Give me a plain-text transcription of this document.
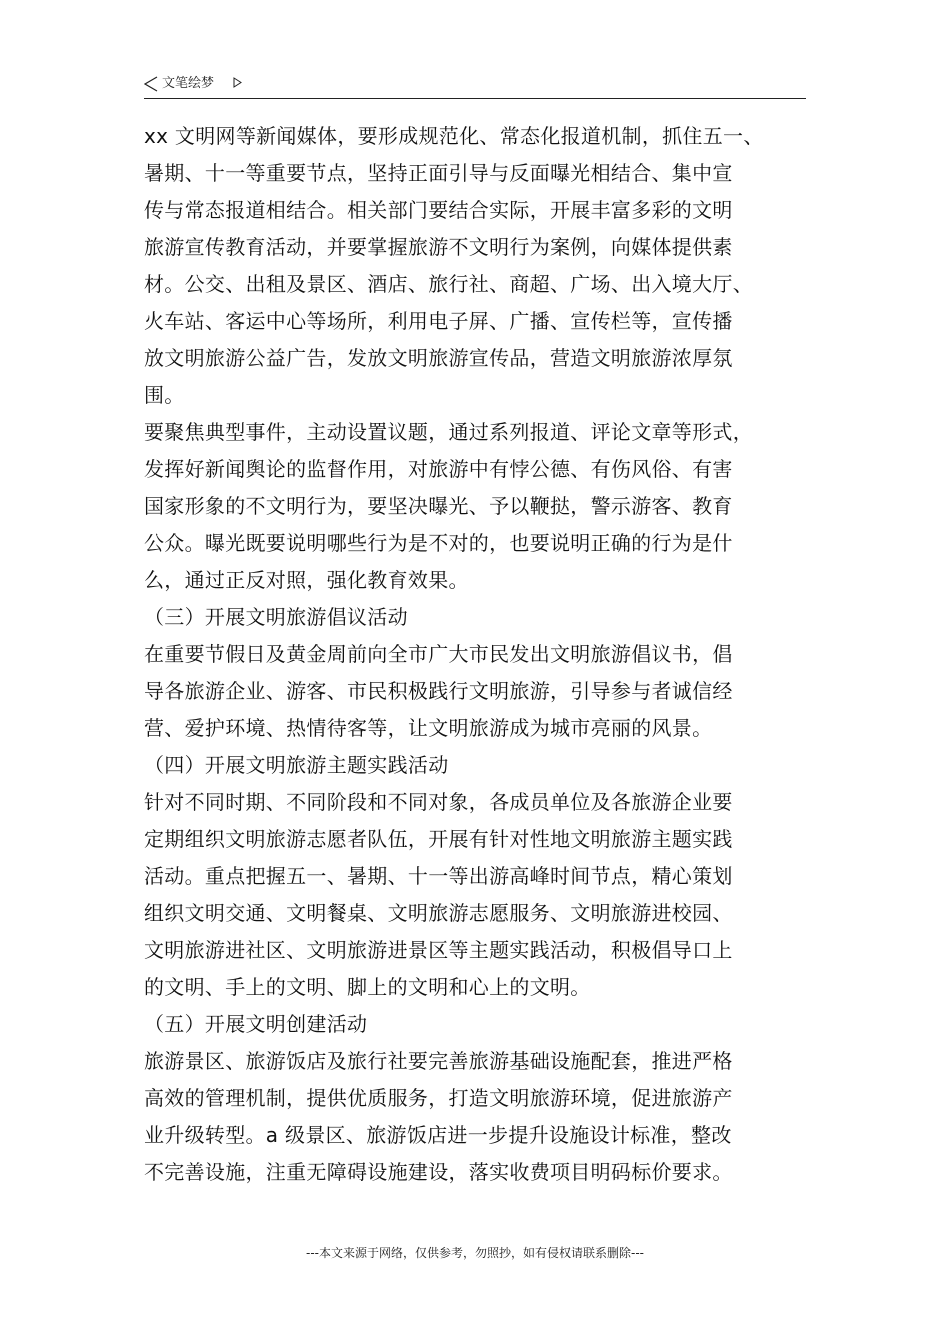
文笔绘梦
xx 文明网等新闻媒体，要形成规范化、常态化报道机制，抓住五一、
暑期、十一等重要节点，坚持正面引导与反面曝光相结合、集中宣
传与常态报道相结合。相关部门要结合实际，开展丰富多彩的文明
旅游宣传教育活动，并要掌握旅游不文明行为案例，向媒体提供素
材。公交、出租及景区、酒店、旅行社、商超、广场、出入境大厅、
火车站、客运中心等场所，利用电子屏、广播、宣传栏等，宣传播
放文明旅游公益广告，发放文明旅游宣传品，营造文明旅游浓厚氛
围。
要聚焦典型事件，主动设置议题，通过系列报道、评论文章等形式，
发挥好新闻舆论的监督作用，对旅游中有悖公德、有伤风俗、有害
国家形象的不文明行为，要坚决曝光、予以鞭挞，警示游客、教育
公众。曝光既要说明哪些行为是不对的，也要说明正确的行为是什
么，通过正反对照，强化教育效果。
（三）开展文明旅游倡议活动
在重要节假日及黄金周前向全市广大市民发出文明旅游倡议书，倡
导各旅游企业、游客、市民积极践行文明旅游，引导参与者诚信经
营、爱护环境、热情待客等，让文明旅游成为城市亮丽的风景。
（四）开展文明旅游主题实践活动
针对不同时期、不同阶段和不同对象，各成员单位及各旅游企业要
定期组织文明旅游志愿者队伍，开展有针对性地文明旅游主题实践
活动。重点把握五一、暑期、十一等出游高峰时间节点，精心策划
组织文明交通、文明餐桌、文明旅游志愿服务、文明旅游进校园、
文明旅游进社区、文明旅游进景区等主题实践活动，积极倡导口上
的文明、手上的文明、脚上的文明和心上的文明。
（五）开展文明创建活动
旅游景区、旅游饭店及旅行社要完善旅游基础设施配套，推进严格
高效的管理机制，提供优质服务，打造文明旅游环境，促进旅游产
业升级转型。a 级景区、旅游饭店进一步提升设施设计标准，整改
不完善设施，注重无障碍设施建设，落实收费项目明码标价要求。
---本文来源于网络，仅供参考，勿照抄，如有侵权请联系删除---
